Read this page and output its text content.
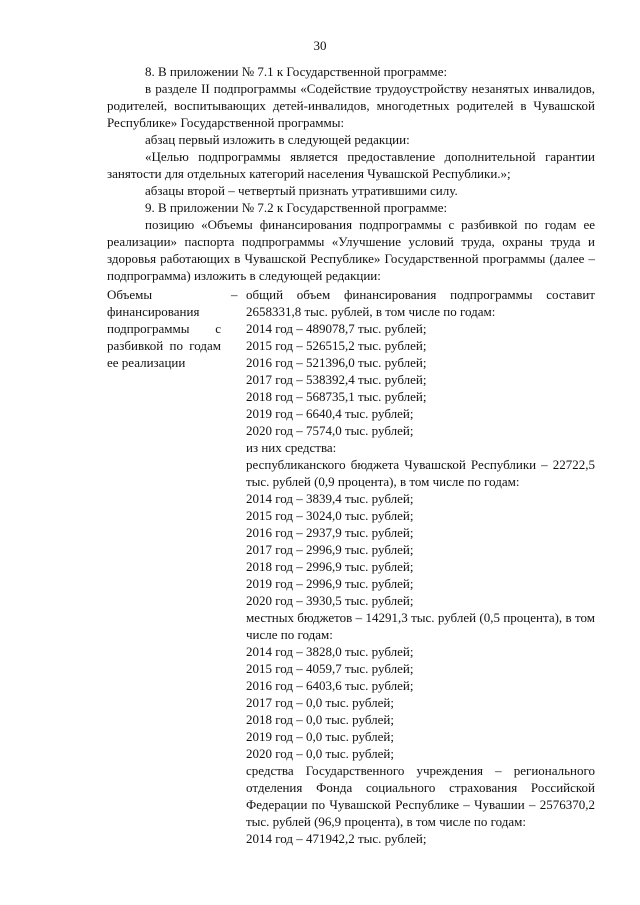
30

8. В приложении № 7.1 к Государственной программе:

в разделе II подпрограммы «Содействие трудоустройству незанятых инвалидов, родителей, воспитывающих детей-инвалидов, многодетных родителей в Чувашской Республике» Государственной программы:

абзац первый изложить в следующей редакции:

«Целью подпрограммы является предоставление дополнительной гарантии занятости для отдельных категорий населения Чувашской Республики.»;

абзацы второй – четвертый признать утратившими силу.

9. В приложении № 7.2 к Государственной программе:

позицию «Объемы финансирования подпрограммы с разбивкой по годам ее реализации» паспорта подпрограммы «Улучшение условий труда, охраны труда и здоровья работающих в Чувашской Республике» Государственной программы (далее – подпрограмма) изложить в следующей редакции:

Объемы финансирования подпрограммы с разбивкой по годам ее реализации
– общий объем финансирования подпрограммы составит 2658331,8 тыс. рублей, в том числе по годам:
2014 год – 489078,7 тыс. рублей;
2015 год – 526515,2 тыс. рублей;
2016 год – 521396,0 тыс. рублей;
2017 год – 538392,4 тыс. рублей;
2018 год – 568735,1 тыс. рублей;
2019 год – 6640,4 тыс. рублей;
2020 год – 7574,0 тыс. рублей;
из них средства:
республиканского бюджета Чувашской Республики – 22722,5 тыс. рублей (0,9 процента), в том числе по годам:
2014 год – 3839,4 тыс. рублей;
2015 год – 3024,0 тыс. рублей;
2016 год – 2937,9 тыс. рублей;
2017 год – 2996,9 тыс. рублей;
2018 год – 2996,9 тыс. рублей;
2019 год – 2996,9 тыс. рублей;
2020 год – 3930,5 тыс. рублей;
местных бюджетов – 14291,3 тыс. рублей (0,5 процента), в том числе по годам:
2014 год – 3828,0 тыс. рублей;
2015 год – 4059,7 тыс. рублей;
2016 год – 6403,6 тыс. рублей;
2017 год – 0,0 тыс. рублей;
2018 год – 0,0 тыс. рублей;
2019 год – 0,0 тыс. рублей;
2020 год – 0,0 тыс. рублей;
средства Государственного учреждения – регионального отделения Фонда социального страхования Российской Федерации по Чувашской Республике – Чувашии – 2576370,2 тыс. рублей (96,9 процента), в том числе по годам:
2014 год – 471942,2 тыс. рублей;
